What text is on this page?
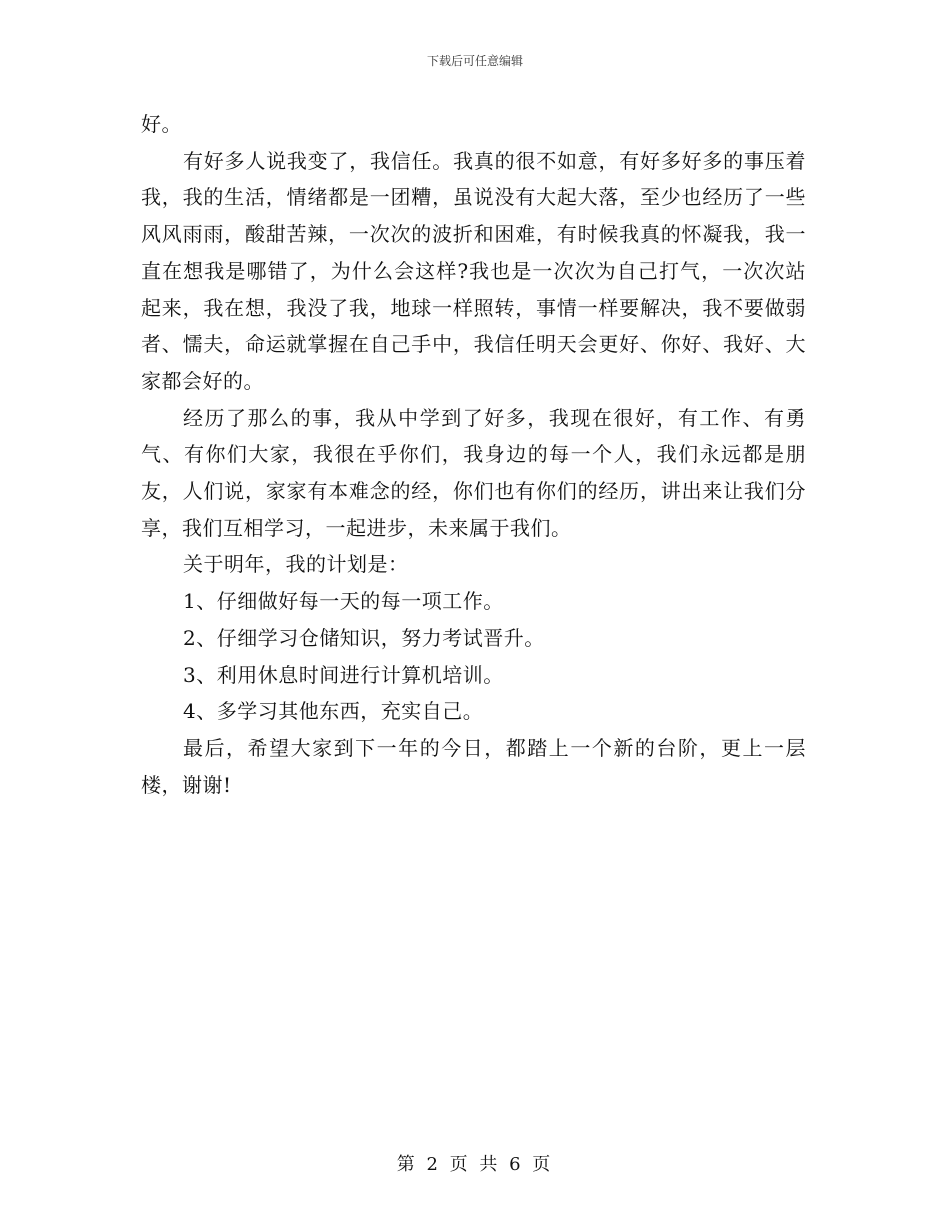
下载后可任意编辑

好。

有好多人说我变了，我信任。我真的很不如意，有好多好多的事压着我，我的生活，情绪都是一团糟，虽说没有大起大落，至少也经历了一些风风雨雨，酸甜苦辣，一次次的波折和困难，有时候我真的怀凝我，我一直在想我是哪错了，为什么会这样?我也是一次次为自己打气，一次次站起来，我在想，我没了我，地球一样照转，事情一样要解决，我不要做弱者、懦夫，命运就掌握在自己手中，我信任明天会更好、你好、我好、大家都会好的。

经历了那么的事，我从中学到了好多，我现在很好，有工作、有勇气、有你们大家，我很在乎你们，我身边的每一个人，我们永远都是朋友，人们说，家家有本难念的经，你们也有你们的经历，讲出来让我们分享，我们互相学习，一起进步，未来属于我们。

关于明年，我的计划是：

1、仔细做好每一天的每一项工作。

2、仔细学习仓储知识，努力考试晋升。

3、利用休息时间进行计算机培训。

4、多学习其他东西，充实自己。

最后，希望大家到下一年的今日，都踏上一个新的台阶，更上一层楼，谢谢!

第 2 页 共 6 页
